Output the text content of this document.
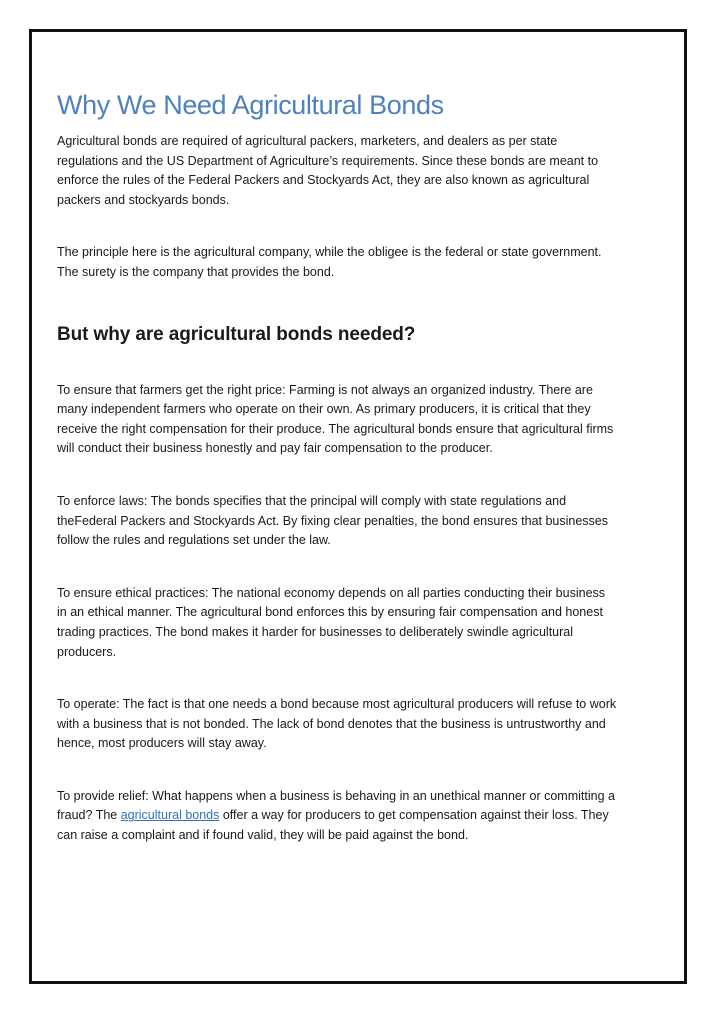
Why We Need Agricultural Bonds

Agricultural bonds are required of agricultural packers, marketers, and dealers as per state regulations and the US Department of Agriculture’s requirements. Since these bonds are meant to enforce the rules of the Federal Packers and Stockyards Act, they are also known as agricultural packers and stockyards bonds.

The principle here is the agricultural company, while the obligee is the federal or state government. The surety is the company that provides the bond.

But why are agricultural bonds needed?

To ensure that farmers get the right price: Farming is not always an organized industry. There are many independent farmers who operate on their own. As primary producers, it is critical that they receive the right compensation for their produce. The agricultural bonds ensure that agricultural firms will conduct their business honestly and pay fair compensation to the producer.

To enforce laws: The bonds specifies that the principal will comply with state regulations and theFederal Packers and Stockyards Act. By fixing clear penalties, the bond ensures that businesses follow the rules and regulations set under the law.

To ensure ethical practices: The national economy depends on all parties conducting their business in an ethical manner. The agricultural bond enforces this by ensuring fair compensation and honest trading practices. The bond makes it harder for businesses to deliberately swindle agricultural producers.

To operate: The fact is that one needs a bond because most agricultural producers will refuse to work with a business that is not bonded. The lack of bond denotes that the business is untrustworthy and hence, most producers will stay away.

To provide relief: What happens when a business is behaving in an unethical manner or committing a fraud? The agricultural bonds offer a way for producers to get compensation against their loss. They can raise a complaint and if found valid, they will be paid against the bond.
